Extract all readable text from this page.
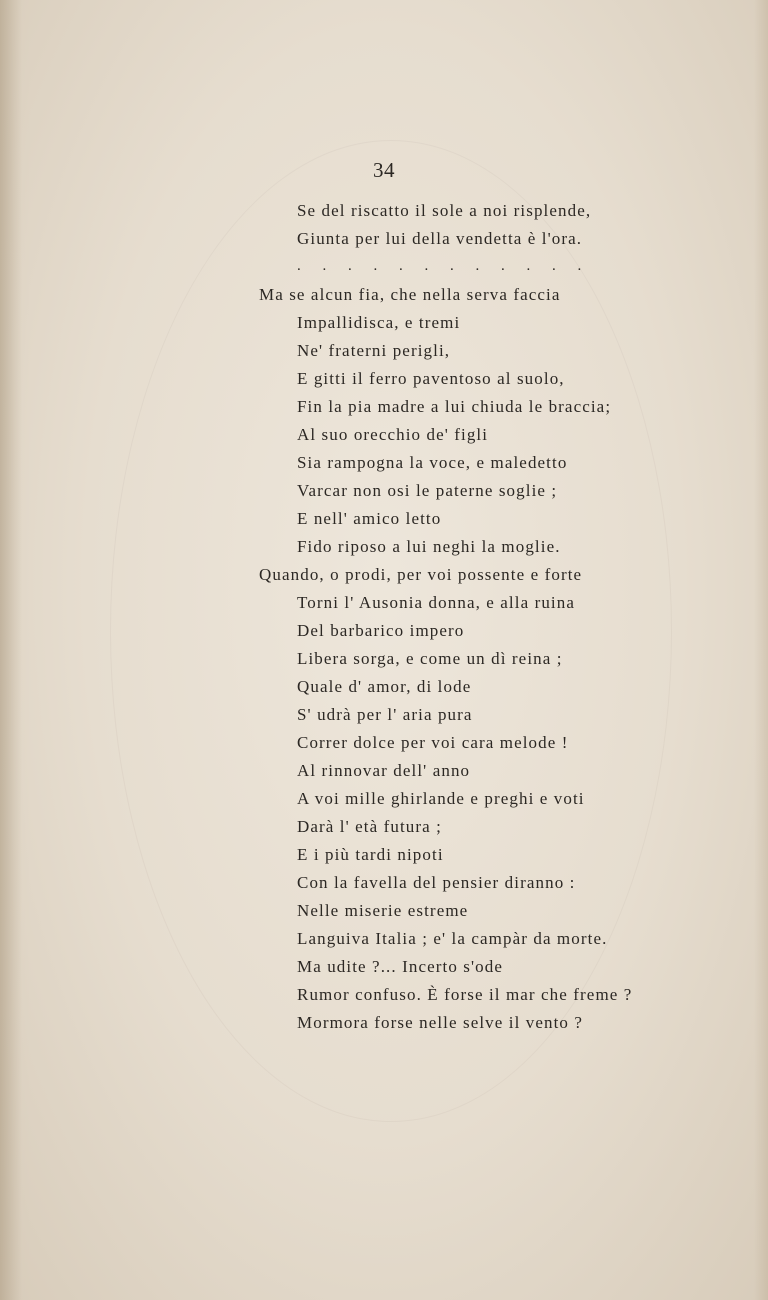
34
Se del riscatto il sole a noi risplende,
Giunta per lui della vendetta è l'ora.
. . . . . . . . . . . .
Ma se alcun fia, che nella serva faccia
Impallidisca, e tremi
Ne' fraterni perigli,
E gitti il ferro paventoso al suolo,
Fin la pia madre a lui chiuda le braccia;
Al suo orecchio de' figli
Sia rampogna la voce, e maledetto
Varcar non osi le paterne soglie ;
E nell' amico letto
Fido riposo a lui neghi la moglie.
Quando, o prodi, per voi possente e forte
Torni l' Ausonia donna, e alla ruina
Del barbarico impero
Libera sorga, e come un dì reina ;
Quale d' amor, di lode
S' udrà per l' aria pura
Correr dolce per voi cara melode !
Al rinnovar dell' anno
A voi mille ghirlande e preghi e voti
Darà l' età futura ;
E i più tardi nipoti
Con la favella del pensier diranno :
Nelle miserie estreme
Languiva Italia ; e' la campàr da morte.
Ma udite ?... Incerto s'ode
Rumor confuso. È forse il mar che freme ?
Mormora forse nelle selve il vento ?
